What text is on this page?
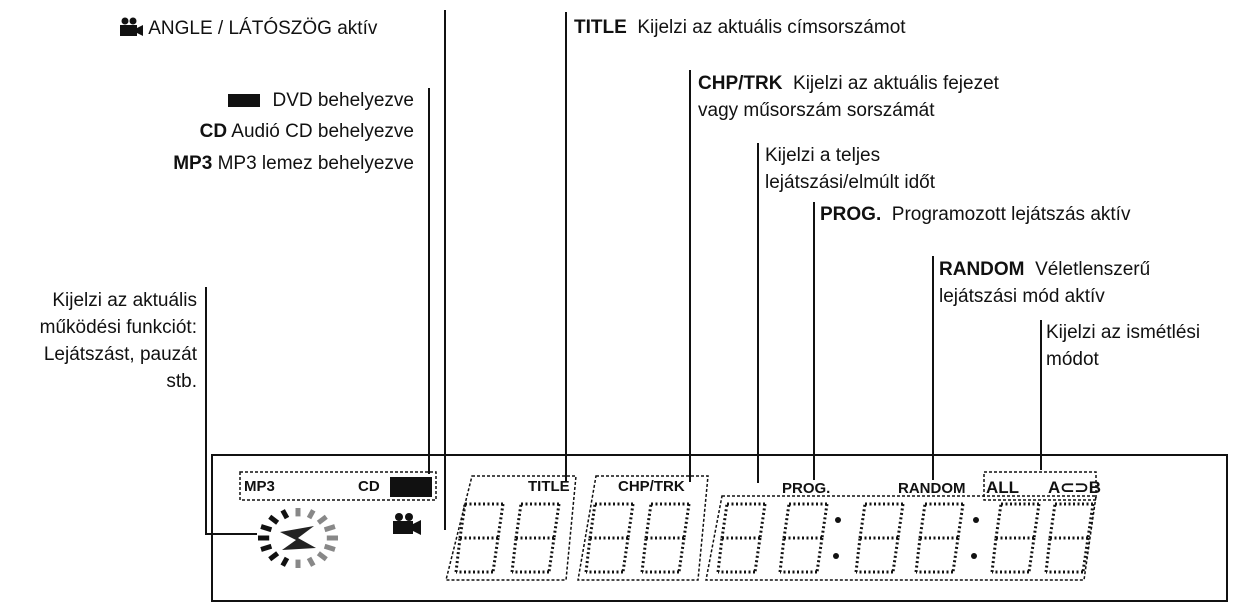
ANGLE / LÁTÓSZÖG aktív
DVD behelyezve
CD Audió CD behelyezve
MP3 MP3 lemez behelyezve
Kijelzi az aktuális
működési funkciót:
Lejátszást, pauzát
stb.
TITLE Kijelzi az aktuális címsorszámot
CHP/TRK Kijelzi az aktuális fejezet
vagy műsorszám sorszámát
Kijelzi a teljes
lejátszási/elmúlt időt
PROG. Programozott lejátszás aktív
RANDOM Véletlenszerű
lejátszási mód aktív
Kijelzi az ismétlési
módot
MP3	CD	TITLE	CHP/TRK	PROG.	RANDOM ALL A⊂⊃B
